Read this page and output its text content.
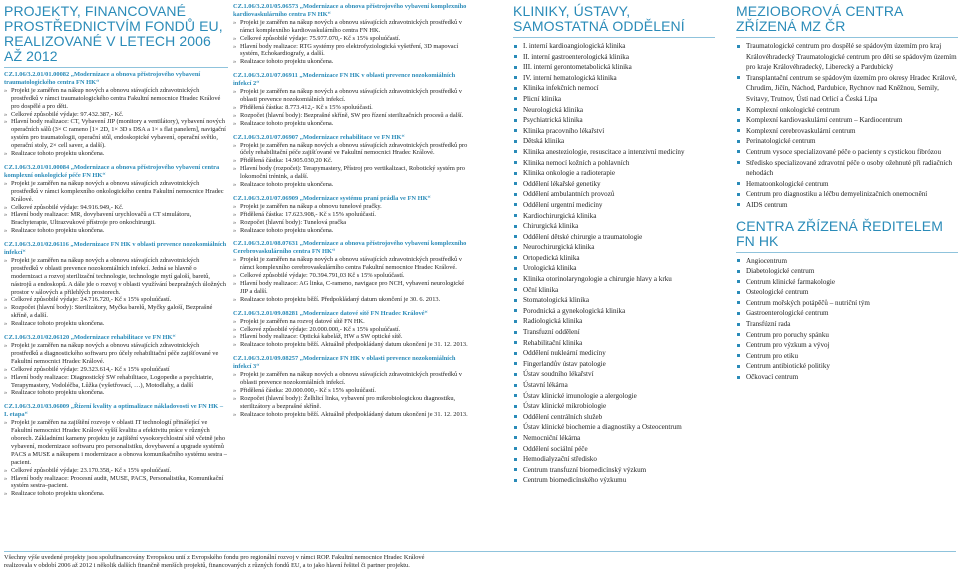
PROJEKTY, FINANCOVANÉ
PROSTŘEDNICTVÍM FONDŮ EU,
REALIZOVANÉ V LETECH 2006 AŽ 2012
CZ.1.06/3.2.01/01.00082 „Modernizace a obnova přístrojového vybavení traumatologického centra FN HK“
» Projekt je zaměřen na nákup nových a obnovu stávajících zdravotnických prostředků v rámci traumatologického centra Fakultní nemocnice Hradec Králové pro dospělé a pro děti.
» Celkové způsobilé výdaje: 97.432.387,- Kč.
» Hlavní body realizace: CT, Vybavení JIP (monitory a ventilátory), vybavení nových operačních sálů (3× C rameno [1× 2D, 1× 3D s DSA a 1× s flat panelem], navigační systém pro traumatologii, operační stůl, endoskopické vybavení, operační světlo, operační stoly, 2× cell saver, a další).
» Realizace tohoto projektu ukončena.
CZ.1.06/3.2.01/01.00084 „Modernizace a obnova přístrojového vybavení centra komplexní onkologické péče FN HK“
» Projekt je zaměřen na nákup nových a obnovu stávajících zdravotnických prostředků v rámci komplexního onkologického centra Fakultní nemocnice Hradec Králové.
» Celkové způsobilé výdaje: 94.916.949,- Kč.
» Hlavní body realizace: MR, dovybavení urychlovačů a CT simulátoru, Brachyterapie, Ultrazvukové přístroje pro onkochirurgii.
» Realizace tohoto projektu ukončena.
CZ.1.06/3.2.01/02.06116 „Modernizace FN HK v oblasti prevence nozokomiálních infekcí“
» Projekt je zaměřen na nákup nových a obnovu stávajících zdravotnických prostředků v oblasti prevence nozokomiálních infekcí. Jedná se hlavně o modernizaci a rozvoj sterilizační technologie, technologie mytí galoší, baretů, nástrojů a endoskopů. A dále jde o rozvoj v oblasti využívání bezpražných úložných prostor v sálových a přilehlých prostorech.
» Celkové způsobilé výdaje: 24.716.720,- Kč s 15% spoluúčastí.
» Rozpočet (hlavní body): Sterilizátory, Myčka barelů, Myčky galoší, Bezprašné skříně, a další.
» Realizace tohoto projektu ukončena.
CZ.1.06/3.2.01/02.06120 „Modernizace rehabilitace ve FN HK“
» Projekt je zaměřen na nákup nových a obnovu stávajících zdravotnických prostředků a diagnostického softwaru pro účely rehabilitační péče zajišťované ve Fakultní nemocnici Hradec Králové.
» Celkové způsobilé výdaje: 29.323.614,- Kč s 15% spoluúčastí
» Hlavní body realizace: Diagnostický SW rehabilitace, Logopedie a psychiatrie, Terapymastery, Vodoléčba, Lůžka (vyšetřovací, …), Motodlahy, a další
» Realizace tohoto projektu ukončena.
CZ.1.06/3.2.01/03.06009 „Řízení kvality a optimalizace nákladovosti ve FN HK – I. etapa“
» Projekt je zaměřen na zajištění rozvoje v oblasti IT technologií přinášející ve Fakultní nemocnici Hradec Králové vyšší kvalitu a efektivitu práce v různých oborech. Základními kameny projektu je zajištění vysokorychlostní sítě včetně jeho vybavení, modernizace softwaru pro personalistiku, dovybavení a upgrade systémů PACS a MUSE a nákupem i modernizace a obnova komunikačního systému sestra – pacient.
» Celkové způsobilé výdaje: 23.170.358,- Kč s 15% spoluúčastí.
» Hlavní body realizace: Procesní audit, MUSE, PACS, Personalistika, Komunikační systém sestra–pacient.
» Realizace tohoto projektu ukončena.
CZ.1.06/3.2.01/05.06573 „Modernizace a obnova přístrojového vybavení komplexního kardiovaskulárního centra FN HK“
» Projekt je zaměřen na nákup nových a obnovu stávajících zdravotnických prostředků v rámci komplexního kardiovaskulárního centra FN HK.
» Celkové způsobilé výdaje: 75.977.070,- Kč s 15% spoluúčastí.
» Hlavní body realizace: RTG systémy pro elektrofyziologická vyšetření, 3D mapovací systém, Echokardiografy, a další.
» Realizace tohoto projektu ukončena.
CZ.1.06/3.2.01/07.06911 „Modernizace FN HK v oblasti prevence nozokomiálních infekcí 2“
» Projekt je zaměřen na nákup nových a obnovu stávajících zdravotnických prostředků v oblasti prevence nozokomiálních infekcí.
» Přidělená částka: 8.773.412,- Kč s 15% spoluúčastí.
» Rozpočet (hlavní body): Bezprašné skříně, SW pro řízení sterilizačních procesů a další.
» Realizace tohoto projektu ukončena.
CZ.1.06/3.2.01/07.06907 „Modernizace rehabilitace ve FN HK“
» Projekt je zaměřen na nákup nových a obnovu stávajících zdravotnických prostředků pro účely rehabilitační péče zajišťované ve Fakultní nemocnici Hradec Králové.
» Přidělená částka: 14.905.030,20 Kč.
» Hlavní body (rozpočet): Terapymastery, Přístroj pro vertikalizaci, Robotický systém pro lokomoční trénink, a další.
» Realizace tohoto projektu ukončena.
CZ.1.06/3.2.01/07.06909 „Modernizace systému praní prádla ve FN HK“
» Projekt je zaměřen na nákup a obnovu tunelové pračky.
» Přidělená částka: 17.623.908,- Kč s 15% spoluúčastí.
» Rozpočet (hlavní body): Tunelová pračka
» Realizace tohoto projektu ukončena.
CZ.1.06/3.2.01/08.07631 „Modernizace a obnova přístrojového vybavení komplexního Cerebrovaskulárního centra FN HK“
» Projekt je zaměřen na nákup nových a obnovu stávajících zdravotnických prostředků v rámci komplexního cerebrovaskulárního centra Fakultní nemocnice Hradec Králové.
» Celkové způsobilé výdaje: 70.394.791,03 Kč s 15% spoluúčastí.
» Hlavní body realizace: AG linka, C-rameno, navigace pro NCH, vybavení neurologické JIP a další.
» Realizace tohoto projektu běží. Předpokládaný datum ukončení je 30. 6. 2013.
CZ.1.06/3.2.01/09.08281 „Modernizace datové sítě FN Hradec Králové“
» Projekt je zaměřen na rozvoj datové sítě FN HK.
» Celkové způsobilé výdaje: 20.000.000,- Kč s 15% spoluúčastí.
» Hlavní body realizace: Optická kabeláž, HW a SW optické sítě.
» Realizace tohoto projektu běží. Aktuálně předpokládaný datum ukončení je 31. 12. 2013.
CZ.1.06/3.2.01/09.08257 „Modernizace FN HK v oblasti prevence nozokomiálních infekcí 3“
» Projekt je zaměřen na nákup nových a obnovu stávajících zdravotnických prostředků v oblasti prevence nozokomiálních infekcí.
» Přidělená částka: 20.000.000,- Kč s 15% spoluúčastí.
» Rozpočet (hlavní body): Želhlicí linka, vybavení pro mikrobiologickou diagnostiku, sterilizátory a bezprašné skříně.
» Realizace tohoto projektu běží. Aktuálně předpokládaný datum ukončení je 31. 12. 2013.
KLINIKY, ÚSTAVY,
SAMOSTATNÁ ODDĚLENÍ
I. interní kardioangiologická klinika
II. interní gastroenterologická klinika
III. interní gerontometabolická klinika
IV. interní hematologická klinika
Klinika infekčních nemocí
Plicní klinika
Neurologická klinika
Psychiatrická klinika
Klinika pracovního lékařství
Dětská klinika
Klinika anesteziologie, resuscitace a intenzivní medicíny
Klinika nemocí kožních a pohlavních
Klinika onkologie a radioterapie
Oddělení lékařské genetiky
Oddělení ambulantních provozů
Oddělení urgentní medicíny
Kardiochirurgická klinika
Chirurgická klinika
Oddělení dětské chirurgie a traumatologie
Neurochirurgická klinika
Ortopedická klinika
Urologická klinika
Klinika otorinolaryngologie a chirurgie hlavy a krku
Oční klinika
Stomatologická klinika
Porodnická a gynekologická klinika
Radiologická klinika
Transfuzní oddělení
Rehabilitační klinika
Oddělení nukleární medicíny
Fingerlandův ústav patologie
Ústav soudního lékařství
Ústavní lékárna
Ústav klinické imunologie a alergologie
Ústav klinické mikrobiologie
Oddělení centrálních služeb
Ústav klinické biochemie a diagnostiky a Osteocentrum
Nemocniční lékárna
Oddělení sociální péče
Hemodialyzační středisko
Centrum transfuzní biomedicínský výzkum
Centrum biomedicínského výzkumu
MEZIOBOROVÁ CENTRA ZŘÍZENÁ MZ ČR
Traumatologické centrum pro dospělé se spádovým územím pro kraj Královéhradecký Traumatologické centrum pro děti se spádovým územím pro kraje Královéhradecký, Liberecký a Pardubický
Transplantační centrum se spádovým územím pro okresy Hradec Králové, Chrudim, Jičín, Náchod, Pardubice, Rychnov nad Kněžnou, Semily, Svitavy, Trutnov, Ústí nad Orlicí a Česká Lípa
Komplexní onkologické centrum
Komplexní kardiovaskulární centrum – Kardiocentrum
Komplexní cerebrovaskulární centrum
Perinatologické centrum
Centrum vysoce specializované péče o pacienty s cystickou fibrózou
Středisko specializované zdravotní péče o osoby ožehnuté při radiačních nehodách
Hematoonkologické centrum
Centrum pro diagnostiku a léčbu demyelinizačních onemocnění
AIDS centrum
CENTRA ZŘÍZENÁ ŘEDITELEM FN HK
Angiocentrum
Diabetologické centrum
Centrum klinické farmakologie
Osteologické centrum
Centrum mořských potápěčů – nutriční tým
Gastroenterologické centrum
Transfúzní rada
Centrum pro poruchy spánku
Centrum pro výzkum a vývoj
Centrum pro etiku
Centrum antibiotické politiky
Očkovací centrum
Všechny výše uvedené projekty jsou spolufinancovány Evropskou unií z Evropského fondu pro regionální rozvoj v rámci ROP. Fakultní nemocnice Hradec Králové
realizovala v období 2006 až 2012 i několik dalších finančně menších projektů, financovaných z různých fondů EU, a to jako hlavní řešitel či partner projektu.
